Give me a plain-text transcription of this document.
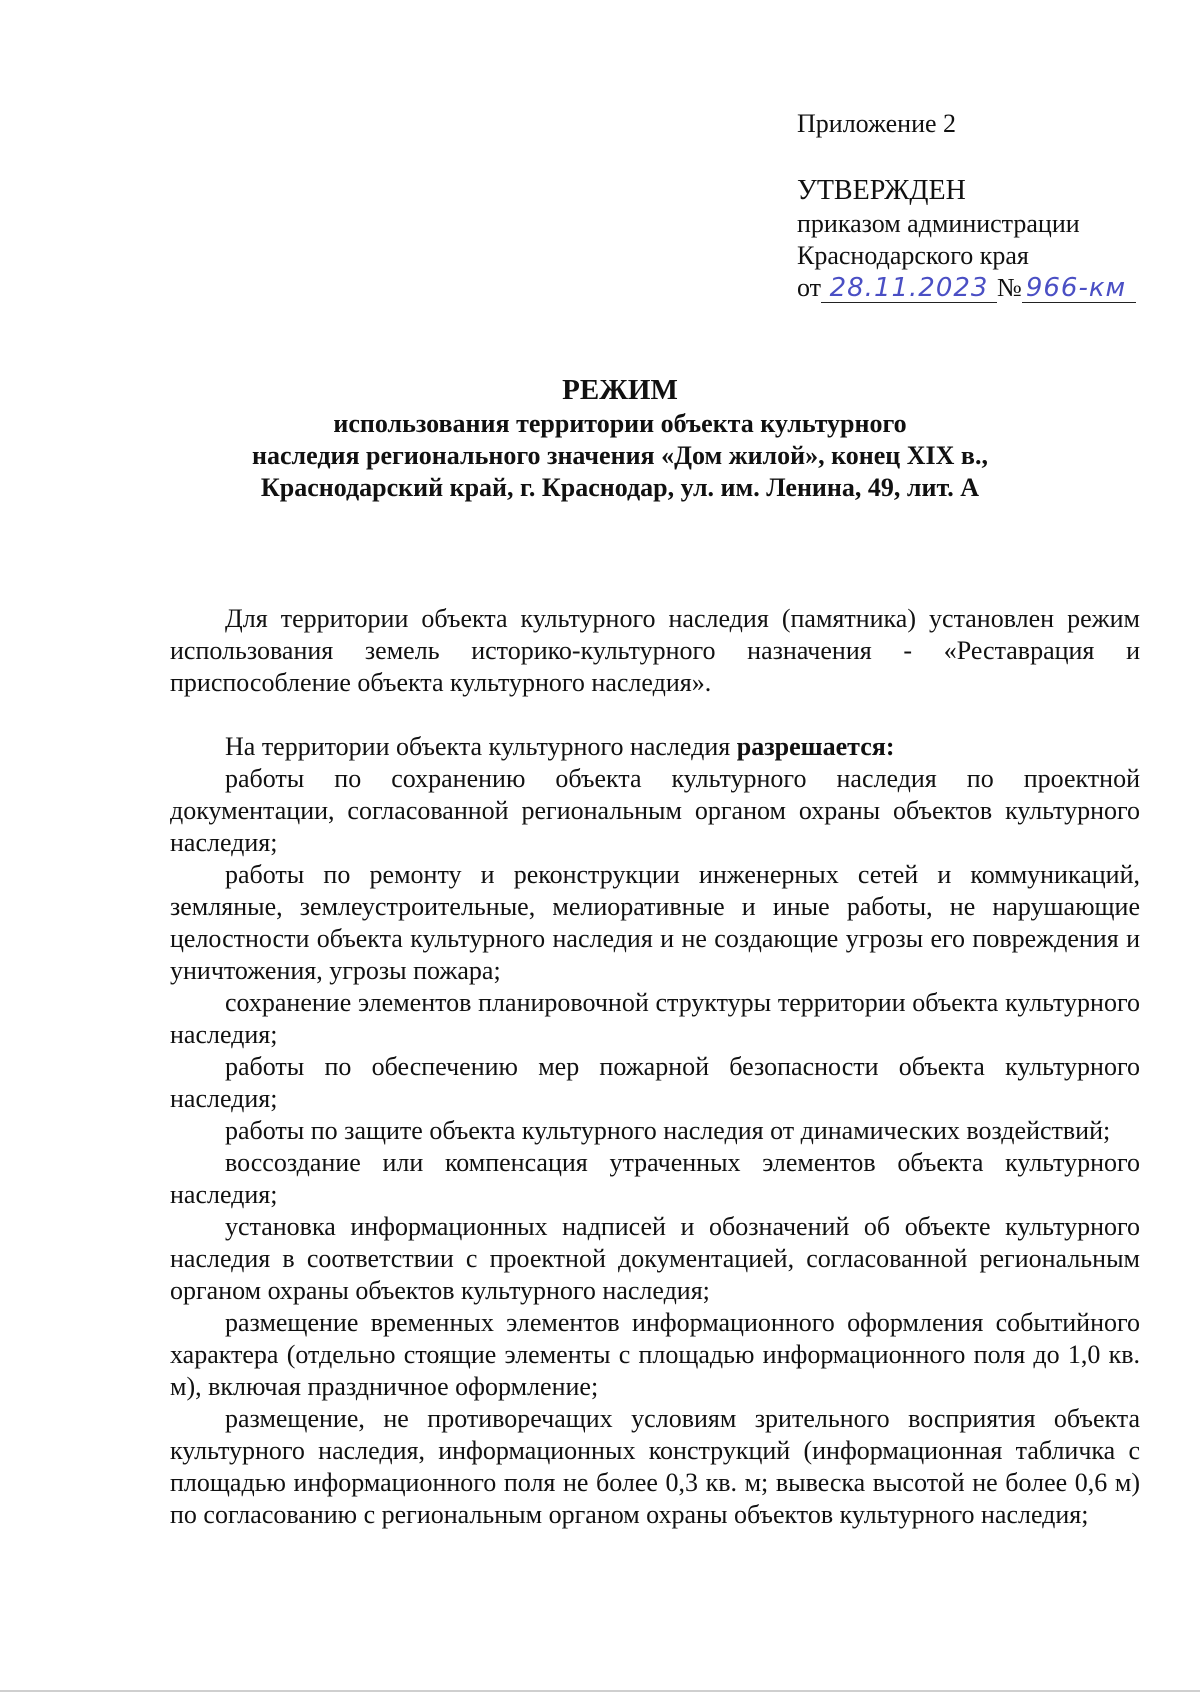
Приложение 2

УТВЕРЖДЕН

приказом администрации

Краснодарского края

от 28.11.2023 № 966-км

РЕЖИМ

использования территории объекта культурного

наследия регионального значения «Дом жилой», конец XIX в.,

Краснодарский край, г. Краснодар, ул. им. Ленина, 49, лит. А

Для территории объекта культурного наследия (памятника) установлен режим использования земель историко-культурного назначения - «Реставрация и приспособление объекта культурного наследия».

На территории объекта культурного наследия разрешается:

работы по сохранению объекта культурного наследия по проектной документации, согласованной региональным органом охраны объектов культурного наследия;

работы по ремонту и реконструкции инженерных сетей и коммуникаций, земляные, землеустроительные, мелиоративные и иные работы, не нарушающие целостности объекта культурного наследия и не создающие угрозы его повреждения и уничтожения, угрозы пожара;

сохранение элементов планировочной структуры территории объекта культурного наследия;

работы по обеспечению мер пожарной безопасности объекта культурного наследия;

работы по защите объекта культурного наследия от динамических воздействий;

воссоздание или компенсация утраченных элементов объекта культурного наследия;

установка информационных надписей и обозначений об объекте культурного наследия в соответствии с проектной документацией, согласованной региональным органом охраны объектов культурного наследия;

размещение временных элементов информационного оформления событийного характера (отдельно стоящие элементы с площадью информационного поля до 1,0 кв. м), включая праздничное оформление;

размещение, не противоречащих условиям зрительного восприятия объекта культурного наследия, информационных конструкций (информационная табличка с площадью информационного поля не более 0,3 кв. м; вывеска высотой не более 0,6 м) по согласованию с региональным органом охраны объектов культурного наследия;
